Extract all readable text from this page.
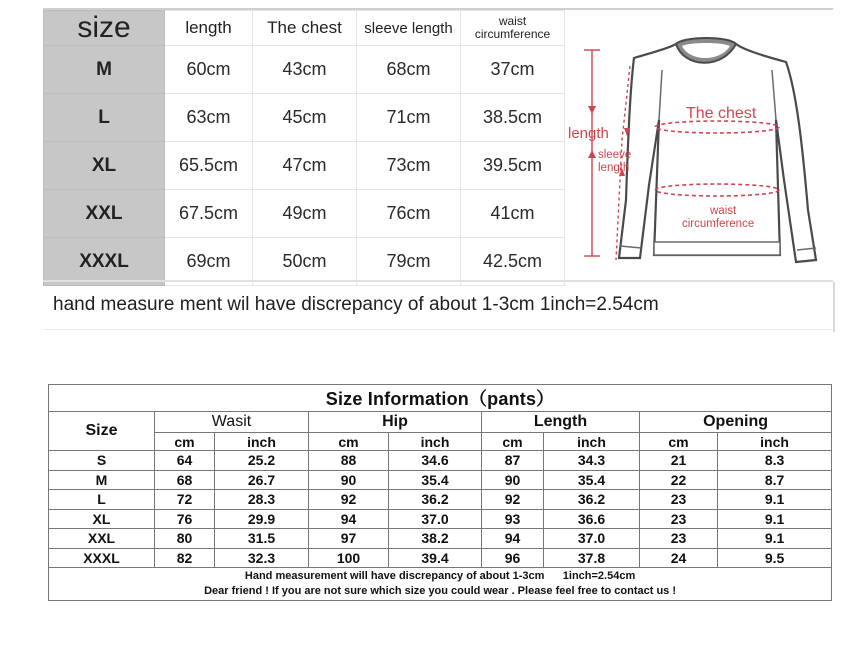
size	length	The chest	sleeve length	waist circumference
M	60cm	43cm	68cm	37cm
L	63cm	45cm	71cm	38.5cm
XL	65.5cm	47cm	73cm	39.5cm
XXL	67.5cm	49cm	76cm	41cm
XXXL	69cm	50cm	79cm	42.5cm
length
The chest
sleeve
length
waist
circumference
hand measure ment wil have discrepancy of about 1-3cm 1inch=2.54cm
Size Information（pants）								
Size	Wasit		Hip		Length		Opening	
	cm	inch	cm	inch	cm	inch	cm	inch
S	64	25.2	88	34.6	87	34.3	21	8.3
M	68	26.7	90	35.4	90	35.4	22	8.7
L	72	28.3	92	36.2	92	36.2	23	9.1
XL	76	29.9	94	37.0	93	36.6	23	9.1
XXL	80	31.5	97	38.2	94	37.0	23	9.1
XXXL	82	32.3	100	39.4	96	37.8	24	9.5

Hand measurement will have discrepancy of about 1-3cm      1inch=2.54cm
Dear friend ! If you are not sure which size you could wear . Please feel free to contact us !								
